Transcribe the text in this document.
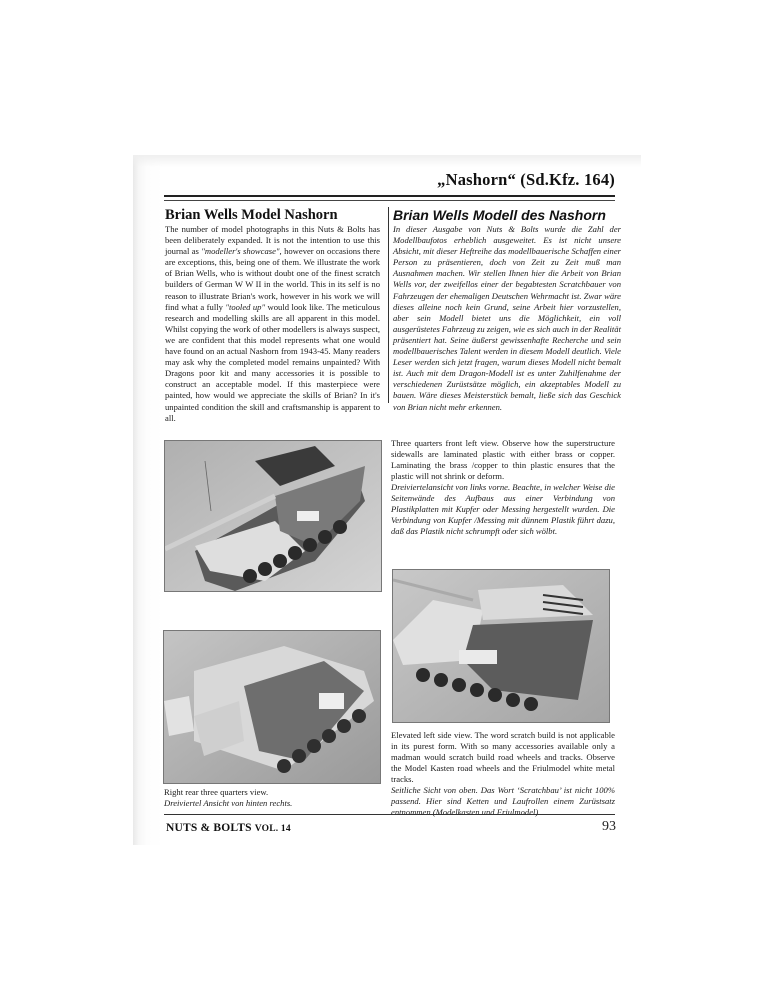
„Nashorn“ (Sd.Kfz. 164)
Brian Wells Model Nashorn

The number of model photographs in this Nuts & Bolts has been deliberately expanded. It is not the intention to use this journal as "modeller's showcase", however on occasions there are exceptions, this, being one of them. We illustrate the work of Brian Wells, who is without doubt one of the finest scratch builders of German W W II in the world. This in its self is no reason to illustrate Brian's work, however in his work we will find what a fully "tooled up" would look like. The meticulous research and modelling skills are all apparent in this model. Whilst copying the work of other modellers is always suspect, we are confident that this model represents what one would have found on an actual Nashorn from 1943-45. Many readers may ask why the completed model remains unpainted? With Dragons poor kit and many accessories it is possible to construct an acceptable model. If this masterpiece were painted, how would we appreciate the skills of Brian? In it's unpainted condition the skill and craftsmanship is apparent to all.

Brian Wells Modell des Nashorn

In dieser Ausgabe von Nuts & Bolts wurde die Zahl der Modellbaufotos erheblich ausgeweitet. Es ist nicht unsere Absicht, mit dieser Heftreihe das modellbauerische Schaffen einer Person zu präsentieren, doch von Zeit zu Zeit muß man Ausnahmen machen. Wir stellen Ihnen hier die Arbeit von Brian Wells vor, der zweifellos einer der begabtesten Scratchbauer von Fahrzeugen der ehemaligen Deutschen Wehrmacht ist. Zwar wäre dieses alleine noch kein Grund, seine Arbeit hier vorzustellen, aber sein Modell bietet uns die Möglichkeit, ein voll ausgerüstetes Fahrzeug zu zeigen, wie es sich auch in der Realität präsentiert hat. Seine äußerst gewissenhafte Recherche und sein modellbauerisches Talent werden in diesem Modell deutlich. Viele Leser werden sich jetzt fragen, warum dieses Modell nicht bemalt ist. Auch mit dem Dragon-Modell ist es unter Zuhilfenahme der verschiedenen Zurüstsätze möglich, ein akzeptables Modell zu bauen. Wäre dieses Meisterstück bemalt, ließe sich das Geschick von Brian nicht mehr erkennen.

Three quarters front left view. Observe how the superstructure sidewalls are laminated plastic with either brass or copper. Laminating the brass /copper to thin plastic ensures that the plastic will not shrink or deform.
Dreiviertelansicht von links vorne. Beachte, in welcher Weise die Seitenwände des Aufbaus aus einer Verbindung von Plastikplatten mit Kupfer oder Messing hergestellt wurden. Die Verbindung von Kupfer /Messing mit dünnem Plastik führt dazu, daß das Plastik nicht schrumpft oder sich wölbt.
Right rear three quarters view.
Dreiviertel Ansicht von hinten rechts.
Elevated left side view. The word scratch build is not applicable in its purest form. With so many accessories available only a madman would scratch build road wheels and tracks. Observe the Model Kasten road wheels and the Friulmodel white metal tracks.
Seitliche Sicht von oben. Das Wort ‘Scratchbau’ ist nicht 100% passend. Hier sind Ketten und Laufrollen einem Zurüstsatz entnommen (Modelkasten und Friulmodel).
NUTS & BOLTS VOL. 14	93
